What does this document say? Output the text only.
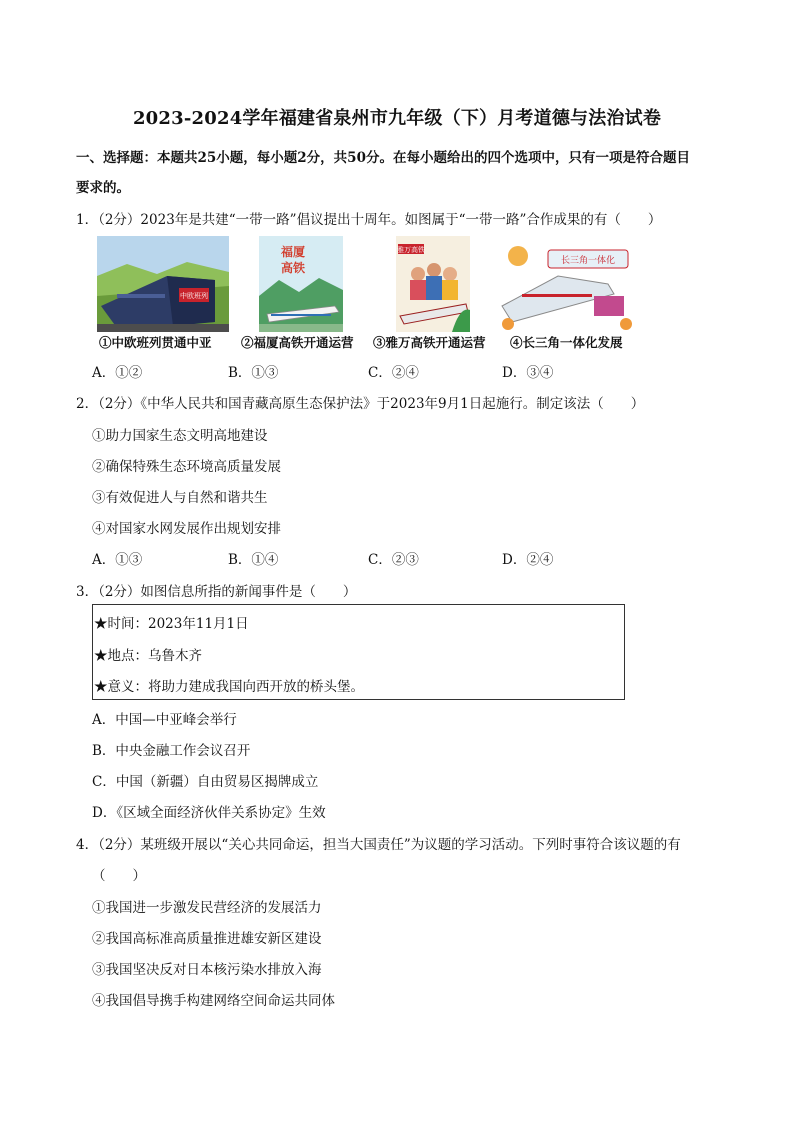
2023-2024学年福建省泉州市九年级（下）月考道德与法治试卷
一、选择题：本题共25小题，每小题2分，共50分。在每小题给出的四个选项中，只有一项是符合题目
要求的。
1．（2分）2023年是共建“一带一路”倡议提出十周年。如图属于“一带一路”合作成果的有（　　）
中欧班列
福厦
高铁
雅万高铁
长三角一体化
①中欧班列贯通中亚 ②福厦高铁开通运营 ③雅万高铁开通运营 ④长三角一体化发展
A．①②	B．①③	C．②④	D．③④
2．（2分）《中华人民共和国青藏高原生态保护法》于2023年9月1日起施行。制定该法（　　）
①助力国家生态文明高地建设
②确保特殊生态环境高质量发展
③有效促进人与自然和谐共生
④对国家水网发展作出规划安排
A．①③	B．①④	C．②③	D．②④
3．（2分）如图信息所指的新闻事件是（　　）
★时间：2023年11月1日
★地点：乌鲁木齐
★意义：将助力建成我国向西开放的桥头堡。
A．中国—中亚峰会举行
B．中央金融工作会议召开
C．中国（新疆）自由贸易区揭牌成立
D．《区域全面经济伙伴关系协定》生效
4．（2分）某班级开展以“关心共同命运，担当大国责任”为议题的学习活动。下列时事符合该议题的有
（　　）
①我国进一步激发民营经济的发展活力
②我国高标准高质量推进雄安新区建设
③我国坚决反对日本核污染水排放入海
④我国倡导携手构建网络空间命运共同体
